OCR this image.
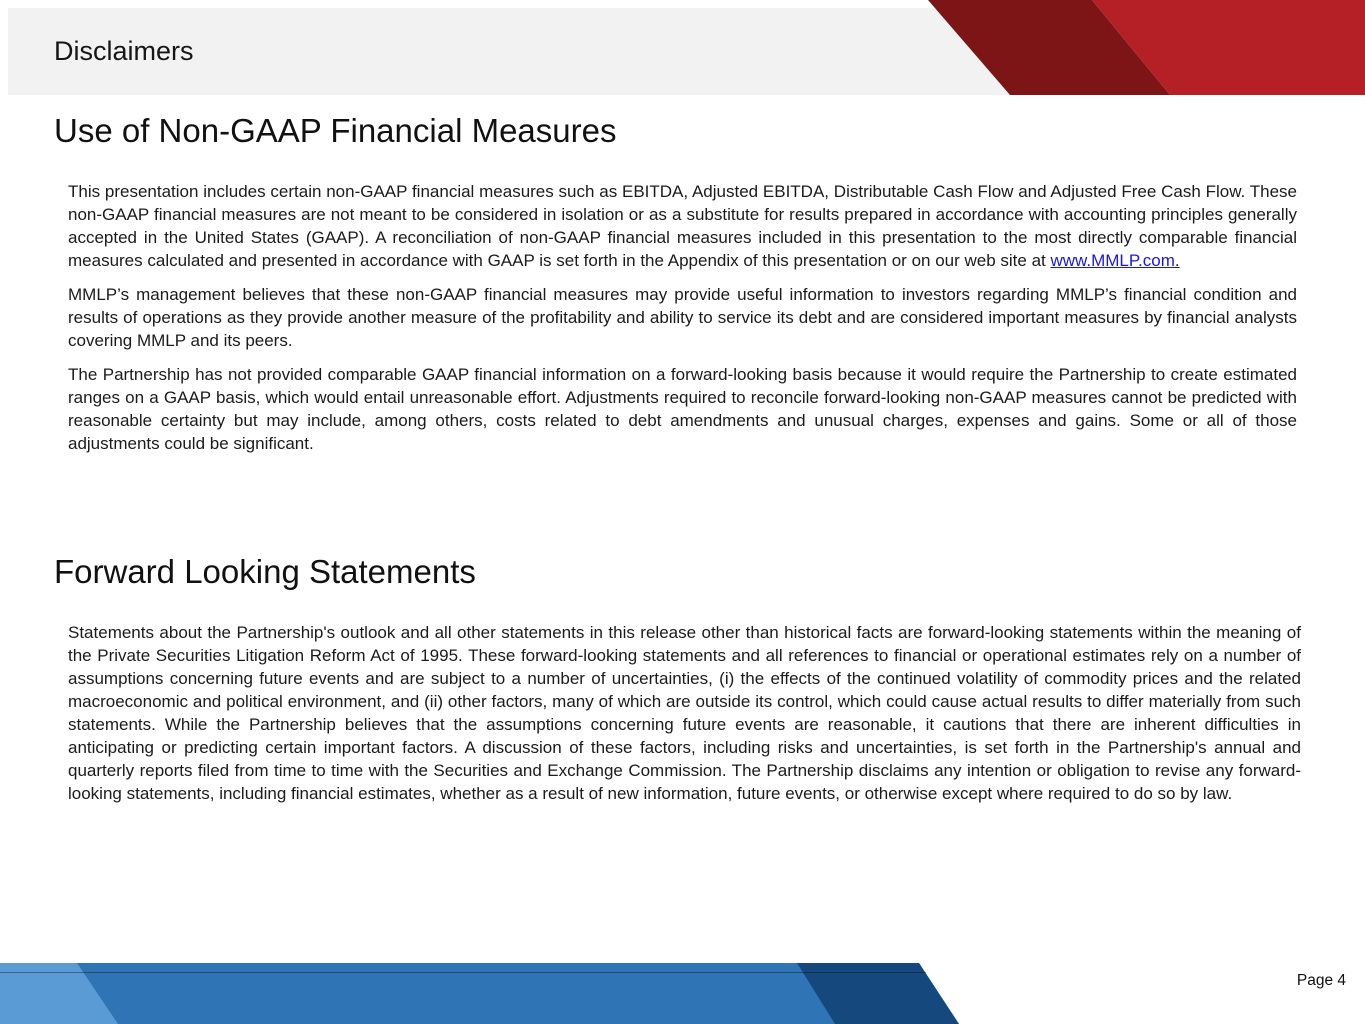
Disclaimers
Use of Non-GAAP Financial Measures

This presentation includes certain non-GAAP financial measures such as EBITDA, Adjusted EBITDA, Distributable Cash Flow and Adjusted Free Cash Flow. These non-GAAP financial measures are not meant to be considered in isolation or as a substitute for results prepared in accordance with accounting principles generally accepted in the United States (GAAP). A reconciliation of non-GAAP financial measures included in this presentation to the most directly comparable financial measures calculated and presented in accordance with GAAP is set forth in the Appendix of this presentation or on our web site at www.MMLP.com.

MMLP’s management believes that these non-GAAP financial measures may provide useful information to investors regarding MMLP’s financial condition and results of operations as they provide another measure of the profitability and ability to service its debt and are considered important measures by financial analysts covering MMLP and its peers.

The Partnership has not provided comparable GAAP financial information on a forward-looking basis because it would require the Partnership to create estimated ranges on a GAAP basis, which would entail unreasonable effort. Adjustments required to reconcile forward-looking non-GAAP measures cannot be predicted with reasonable certainty but may include, among others, costs related to debt amendments and unusual charges, expenses and gains. Some or all of those adjustments could be significant.

Forward Looking Statements

Statements about the Partnership's outlook and all other statements in this release other than historical facts are forward-looking statements within the meaning of the Private Securities Litigation Reform Act of 1995. These forward-looking statements and all references to financial or operational estimates rely on a number of assumptions concerning future events and are subject to a number of uncertainties, (i) the effects of the continued volatility of commodity prices and the related macroeconomic and political environment, and (ii) other factors, many of which are outside its control, which could cause actual results to differ materially from such statements. While the Partnership believes that the assumptions concerning future events are reasonable, it cautions that there are inherent difficulties in anticipating or predicting certain important factors. A discussion of these factors, including risks and uncertainties, is set forth in the Partnership's annual and quarterly reports filed from time to time with the Securities and Exchange Commission. The Partnership disclaims any intention or obligation to revise any forward-looking statements, including financial estimates, whether as a result of new information, future events, or otherwise except where required to do so by law.

Page 4
